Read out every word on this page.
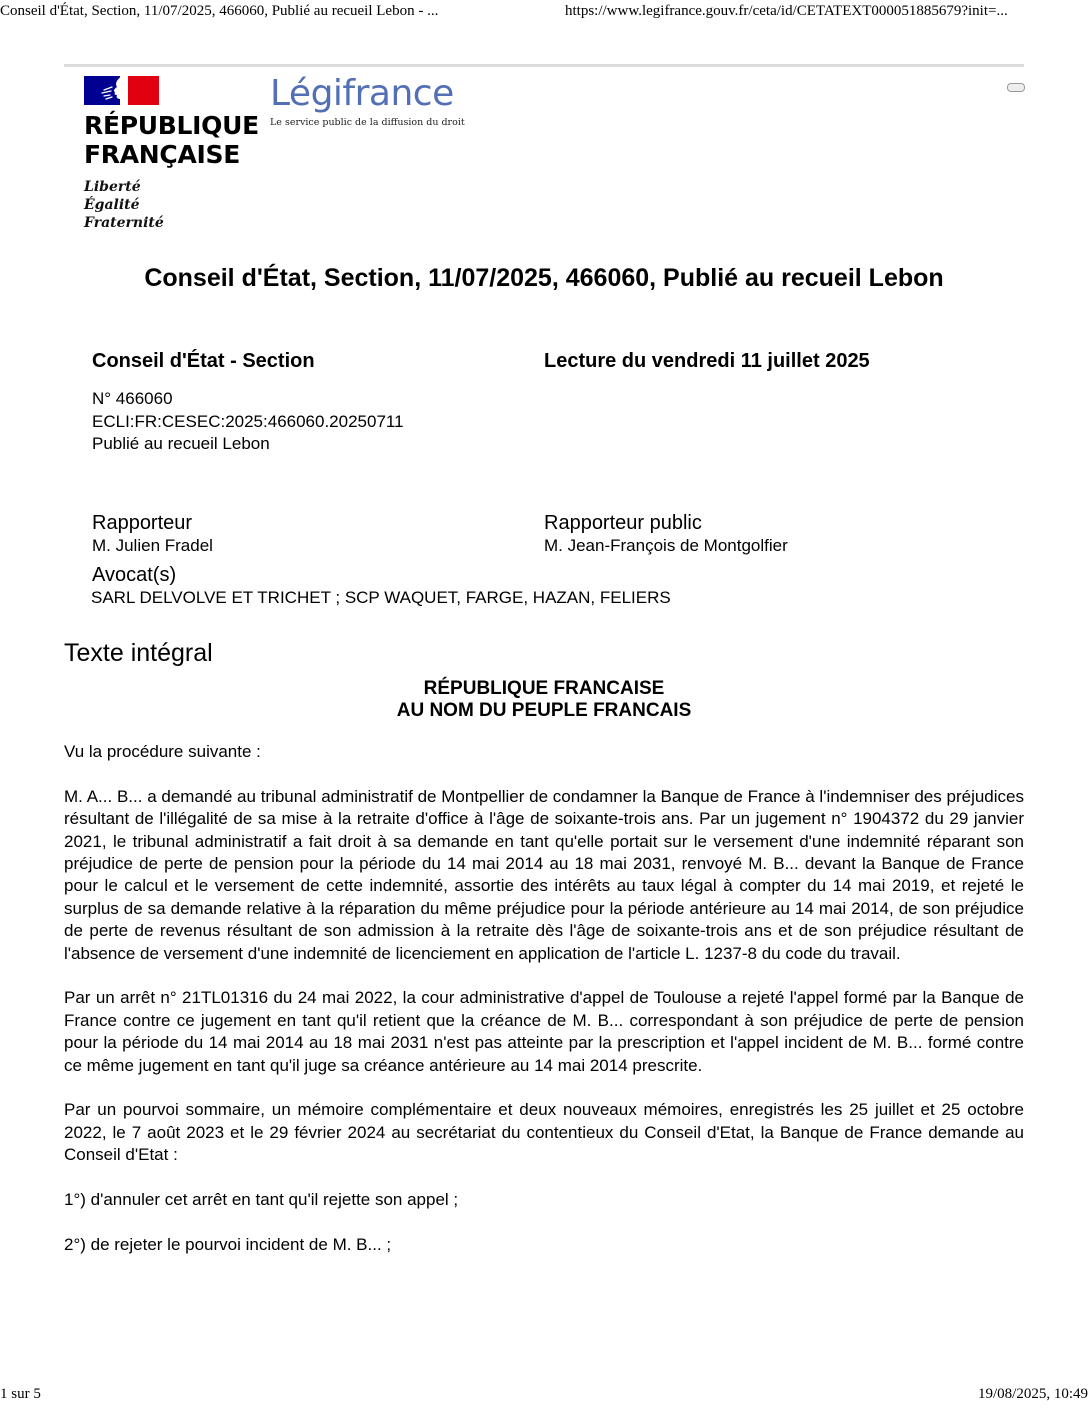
Conseil d'État, Section, 11/07/2025, 466060, Publié au recueil Lebon - ...	https://www.legifrance.gouv.fr/ceta/id/CETATEXT000051885679?init=...
RÉPUBLIQUE
FRANÇAISE
Liberté
Égalité
Fraternité
Légifrance
Le service public de la diffusion du droit
Conseil d'État, Section, 11/07/2025, 466060, Publié au recueil Lebon
Conseil d'État - Section	Lecture du vendredi 11 juillet 2025
N° 466060
ECLI:FR:CESEC:2025:466060.20250711
Publié au recueil Lebon
Rapporteur
M. Julien Fradel
Rapporteur public
M. Jean-François de Montgolfier
Avocat(s)
SARL DELVOLVE ET TRICHET ; SCP WAQUET, FARGE, HAZAN, FELIERS
Texte intégral
RÉPUBLIQUE FRANCAISE
AU NOM DU PEUPLE FRANCAIS

Vu la procédure suivante :

M. A... B... a demandé au tribunal administratif de Montpellier de condamner la Banque de France à l'indemniser des préjudices résultant de l'illégalité de sa mise à la retraite d'office à l'âge de soixante-trois ans. Par un jugement n° 1904372 du 29 janvier 2021, le tribunal administratif a fait droit à sa demande en tant qu'elle portait sur le versement d'une indemnité réparant son préjudice de perte de pension pour la période du 14 mai 2014 au 18 mai 2031, renvoyé M. B... devant la Banque de France pour le calcul et le versement de cette indemnité, assortie des intérêts au taux légal à compter du 14 mai 2019, et rejeté le surplus de sa demande relative à la réparation du même préjudice pour la période antérieure au 14 mai 2014, de son préjudice de perte de revenus résultant de son admission à la retraite dès l'âge de soixante-trois ans et de son préjudice résultant de l'absence de versement d'une indemnité de licenciement en application de l'article L. 1237-8 du code du travail.

Par un arrêt n° 21TL01316 du 24 mai 2022, la cour administrative d'appel de Toulouse a rejeté l'appel formé par la Banque de France contre ce jugement en tant qu'il retient que la créance de M. B... correspondant à son préjudice de perte de pension pour la période du 14 mai 2014 au 18 mai 2031 n'est pas atteinte par la prescription et l'appel incident de M. B... formé contre ce même jugement en tant qu'il juge sa créance antérieure au 14 mai 2014 prescrite.

Par un pourvoi sommaire, un mémoire complémentaire et deux nouveaux mémoires, enregistrés les 25 juillet et 25 octobre 2022, le 7 août 2023 et le 29 février 2024 au secrétariat du contentieux du Conseil d'Etat, la Banque de France demande au Conseil d'Etat :

1°) d'annuler cet arrêt en tant qu'il rejette son appel ;

2°) de rejeter le pourvoi incident de M. B... ;

1 sur 5	19/08/2025, 10:49
